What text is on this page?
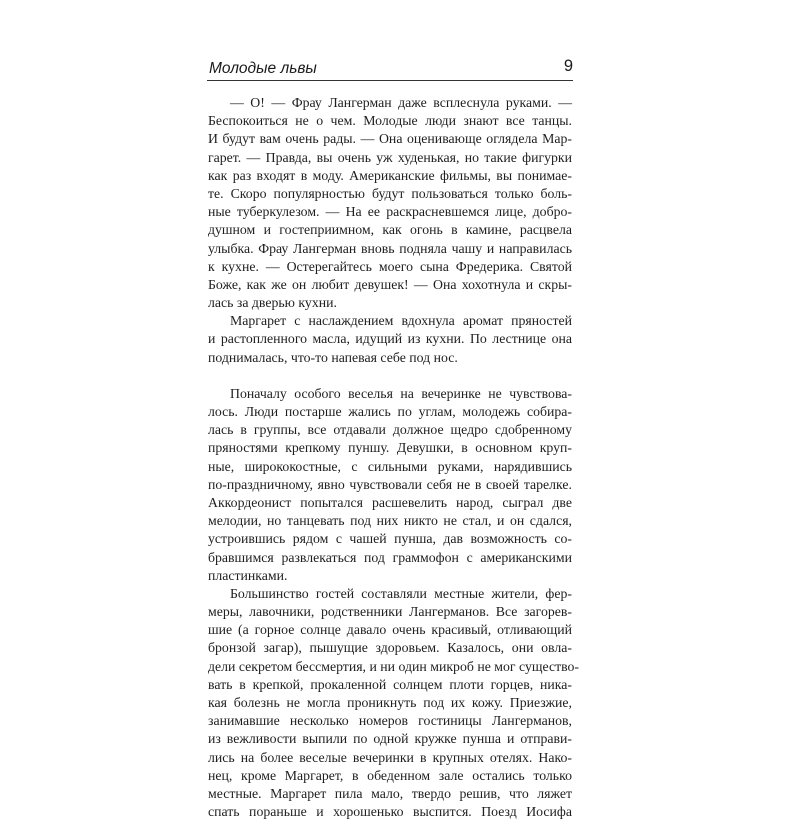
Молодые львы	9
— О! — Фрау Лангерман даже всплеснула руками. —
Беспокоиться не о чем. Молодые люди знают все танцы.
И будут вам очень рады. — Она оценивающе оглядела Мар-
гарет. — Правда, вы очень уж худенькая, но такие фигурки
как раз входят в моду. Американские фильмы, вы понимае-
те. Скоро популярностью будут пользоваться только боль-
ные туберкулезом. — На ее раскрасневшемся лице, добро-
душном и гостеприимном, как огонь в камине, расцвела
улыбка. Фрау Лангерман вновь подняла чашу и направилась
к кухне. — Остерегайтесь моего сына Фредерика. Святой
Боже, как же он любит девушек! — Она хохотнула и скры-
лась за дверью кухни.
Маргарет с наслаждением вдохнула аромат пряностей
и растопленного масла, идущий из кухни. По лестнице она
поднималась, что-то напевая себе под нос.
Поначалу особого веселья на вечеринке не чувствова-
лось. Люди постарше жались по углам, молодежь собира-
лась в группы, все отдавали должное щедро сдобренному
пряностями крепкому пуншу. Девушки, в основном круп-
ные, ширококостные, с сильными руками, нарядившись
по-праздничному, явно чувствовали себя не в своей тарелке.
Аккордеонист попытался расшевелить народ, сыграл две
мелодии, но танцевать под них никто не стал, и он сдался,
устроившись рядом с чашей пунша, дав возможность со-
бравшимся развлекаться под граммофон с американскими
пластинками.
Большинство гостей составляли местные жители, фер-
меры, лавочники, родственники Лангерманов. Все загорев-
шие (а горное солнце давало очень красивый, отливающий
бронзой загар), пышущие здоровьем. Казалось, они овла-
дели секретом бессмертия, и ни один микроб не мог существо-
вать в крепкой, прокаленной солнцем плоти горцев, ника-
кая болезнь не могла проникнуть под их кожу. Приезжие,
занимавшие несколько номеров гостиницы Лангерманов,
из вежливости выпили по одной кружке пунша и отправи-
лись на более веселые вечеринки в крупных отелях. Нако-
нец, кроме Маргарет, в обеденном зале остались только
местные. Маргарет пила мало, твердо решив, что ляжет
спать пораньше и хорошенько выспится. Поезд Иосифа
